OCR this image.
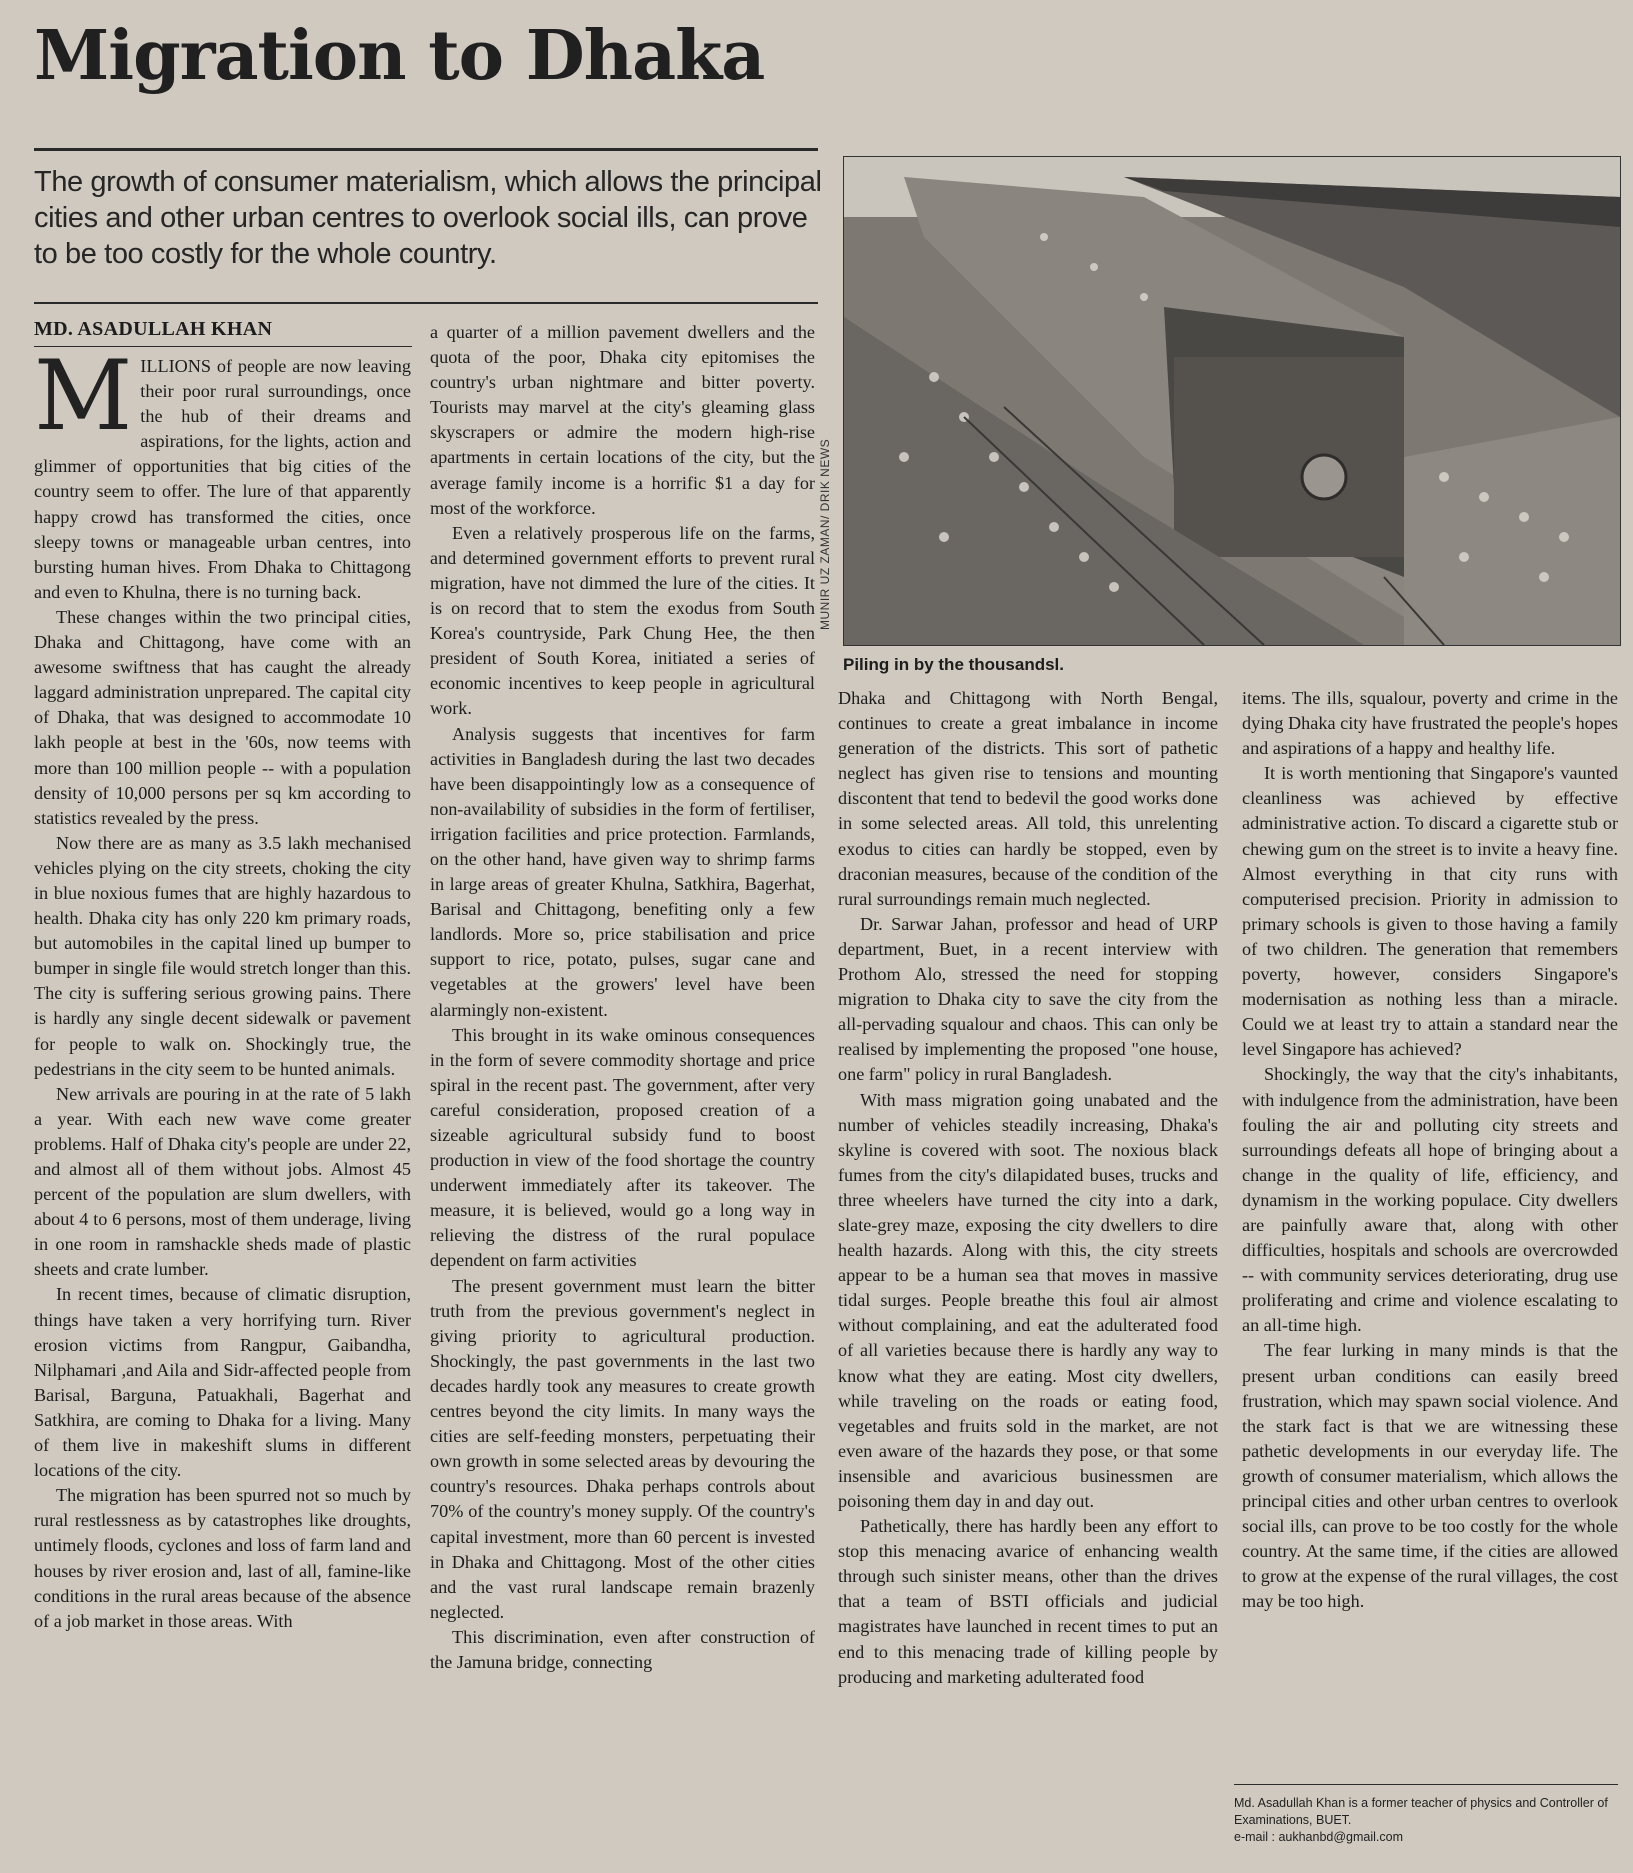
Migration to Dhaka
The growth of consumer materialism, which allows the principal cities and other urban centres to overlook social ills, can prove to be too costly for the whole country.
MD. ASADULLAH KHAN
MUNIR UZ ZAMAN/ DRIK NEWS
Piling in by the thousandsl.

MILLIONS of people are now leaving their poor rural surroundings, once the hub of their dreams and aspirations, for the lights, action and glimmer of opportunities that big cities of the country seem to offer. The lure of that apparently happy crowd has transformed the cities, once sleepy towns or manageable urban centres, into bursting human hives. From Dhaka to Chittagong and even to Khulna, there is no turning back.

These changes within the two principal cities, Dhaka and Chittagong, have come with an awesome swiftness that has caught the already laggard administration unprepared. The capital city of Dhaka, that was designed to accommodate 10 lakh people at best in the '60s, now teems with more than 100 million people -- with a population density of 10,000 persons per sq km according to statistics revealed by the press.

Now there are as many as 3.5 lakh mechanised vehicles plying on the city streets, choking the city in blue noxious fumes that are highly hazardous to health. Dhaka city has only 220 km primary roads, but automobiles in the capital lined up bumper to bumper in single file would stretch longer than this. The city is suffering serious growing pains. There is hardly any single decent sidewalk or pavement for people to walk on. Shockingly true, the pedestrians in the city seem to be hunted animals.

New arrivals are pouring in at the rate of 5 lakh a year. With each new wave come greater problems. Half of Dhaka city's people are under 22, and almost all of them without jobs. Almost 45 percent of the population are slum dwellers, with about 4 to 6 persons, most of them underage, living in one room in ramshackle sheds made of plastic sheets and crate lumber.

In recent times, because of climatic disruption, things have taken a very horrifying turn. River erosion victims from Rangpur, Gaibandha, Nilphamari ,and Aila and Sidr-affected people from Barisal, Barguna, Patuakhali, Bagerhat and Satkhira, are coming to Dhaka for a living. Many of them live in makeshift slums in different locations of the city.

The migration has been spurred not so much by rural restlessness as by catastrophes like droughts, untimely floods, cyclones and loss of farm land and houses by river erosion and, last of all, famine-like conditions in the rural areas because of the absence of a job market in those areas. With

a quarter of a million pavement dwellers and the quota of the poor, Dhaka city epitomises the country's urban nightmare and bitter poverty. Tourists may marvel at the city's gleaming glass skyscrapers or admire the modern high-rise apartments in certain locations of the city, but the average family income is a horrific $1 a day for most of the workforce.

Even a relatively prosperous life on the farms, and determined government efforts to prevent rural migration, have not dimmed the lure of the cities. It is on record that to stem the exodus from South Korea's countryside, Park Chung Hee, the then president of South Korea, initiated a series of economic incentives to keep people in agricultural work.

Analysis suggests that incentives for farm activities in Bangladesh during the last two decades have been disappointingly low as a consequence of non-availability of subsidies in the form of fertiliser, irrigation facilities and price protection. Farmlands, on the other hand, have given way to shrimp farms in large areas of greater Khulna, Satkhira, Bagerhat, Barisal and Chittagong, benefiting only a few landlords. More so, price stabilisation and price support to rice, potato, pulses, sugar cane and vegetables at the growers' level have been alarmingly non-existent.

This brought in its wake ominous consequences in the form of severe commodity shortage and price spiral in the recent past. The government, after very careful consideration, proposed creation of a sizeable agricultural subsidy fund to boost production in view of the food shortage the country underwent immediately after its takeover. The measure, it is believed, would go a long way in relieving the distress of the rural populace dependent on farm activities

The present government must learn the bitter truth from the previous government's neglect in giving priority to agricultural production. Shockingly, the past governments in the last two decades hardly took any measures to create growth centres beyond the city limits. In many ways the cities are self-feeding monsters, perpetuating their own growth in some selected areas by devouring the country's resources. Dhaka perhaps controls about 70% of the country's money supply. Of the country's capital investment, more than 60 percent is invested in Dhaka and Chittagong. Most of the other cities and the vast rural landscape remain brazenly neglected.

This discrimination, even after construction of the Jamuna bridge, connecting

Dhaka and Chittagong with North Bengal, continues to create a great imbalance in income generation of the districts. This sort of pathetic neglect has given rise to tensions and mounting discontent that tend to bedevil the good works done in some selected areas. All told, this unrelenting exodus to cities can hardly be stopped, even by draconian measures, because of the condition of the rural surroundings remain much neglected.

Dr. Sarwar Jahan, professor and head of URP department, Buet, in a recent interview with Prothom Alo, stressed the need for stopping migration to Dhaka city to save the city from the all-pervading squalour and chaos. This can only be realised by implementing the proposed "one house, one farm" policy in rural Bangladesh.

With mass migration going unabated and the number of vehicles steadily increasing, Dhaka's skyline is covered with soot. The noxious black fumes from the city's dilapidated buses, trucks and three wheelers have turned the city into a dark, slate-grey maze, exposing the city dwellers to dire health hazards. Along with this, the city streets appear to be a human sea that moves in massive tidal surges. People breathe this foul air almost without complaining, and eat the adulterated food of all varieties because there is hardly any way to know what they are eating. Most city dwellers, while traveling on the roads or eating food, vegetables and fruits sold in the market, are not even aware of the hazards they pose, or that some insensible and avaricious businessmen are poisoning them day in and day out.

Pathetically, there has hardly been any effort to stop this menacing avarice of enhancing wealth through such sinister means, other than the drives that a team of BSTI officials and judicial magistrates have launched in recent times to put an end to this menacing trade of killing people by producing and marketing adulterated food

items. The ills, squalour, poverty and crime in the dying Dhaka city have frustrated the people's hopes and aspirations of a happy and healthy life.

It is worth mentioning that Singapore's vaunted cleanliness was achieved by effective administrative action. To discard a cigarette stub or chewing gum on the street is to invite a heavy fine. Almost everything in that city runs with computerised precision. Priority in admission to primary schools is given to those having a family of two children. The generation that remembers poverty, however, considers Singapore's modernisation as nothing less than a miracle. Could we at least try to attain a standard near the level Singapore has achieved?

Shockingly, the way that the city's inhabitants, with indulgence from the administration, have been fouling the air and polluting city streets and surroundings defeats all hope of bringing about a change in the quality of life, efficiency, and dynamism in the working populace. City dwellers are painfully aware that, along with other difficulties, hospitals and schools are overcrowded -- with community services deteriorating, drug use proliferating and crime and violence escalating to an all-time high.

The fear lurking in many minds is that the present urban conditions can easily breed frustration, which may spawn social violence. And the stark fact is that we are witnessing these pathetic developments in our everyday life. The growth of consumer materialism, which allows the principal cities and other urban centres to overlook social ills, can prove to be too costly for the whole country. At the same time, if the cities are allowed to grow at the expense of the rural villages, the cost may be too high.

Md. Asadullah Khan is a former teacher of physics and Controller of Examinations, BUET.
e-mail : aukhanbd@gmail.com
